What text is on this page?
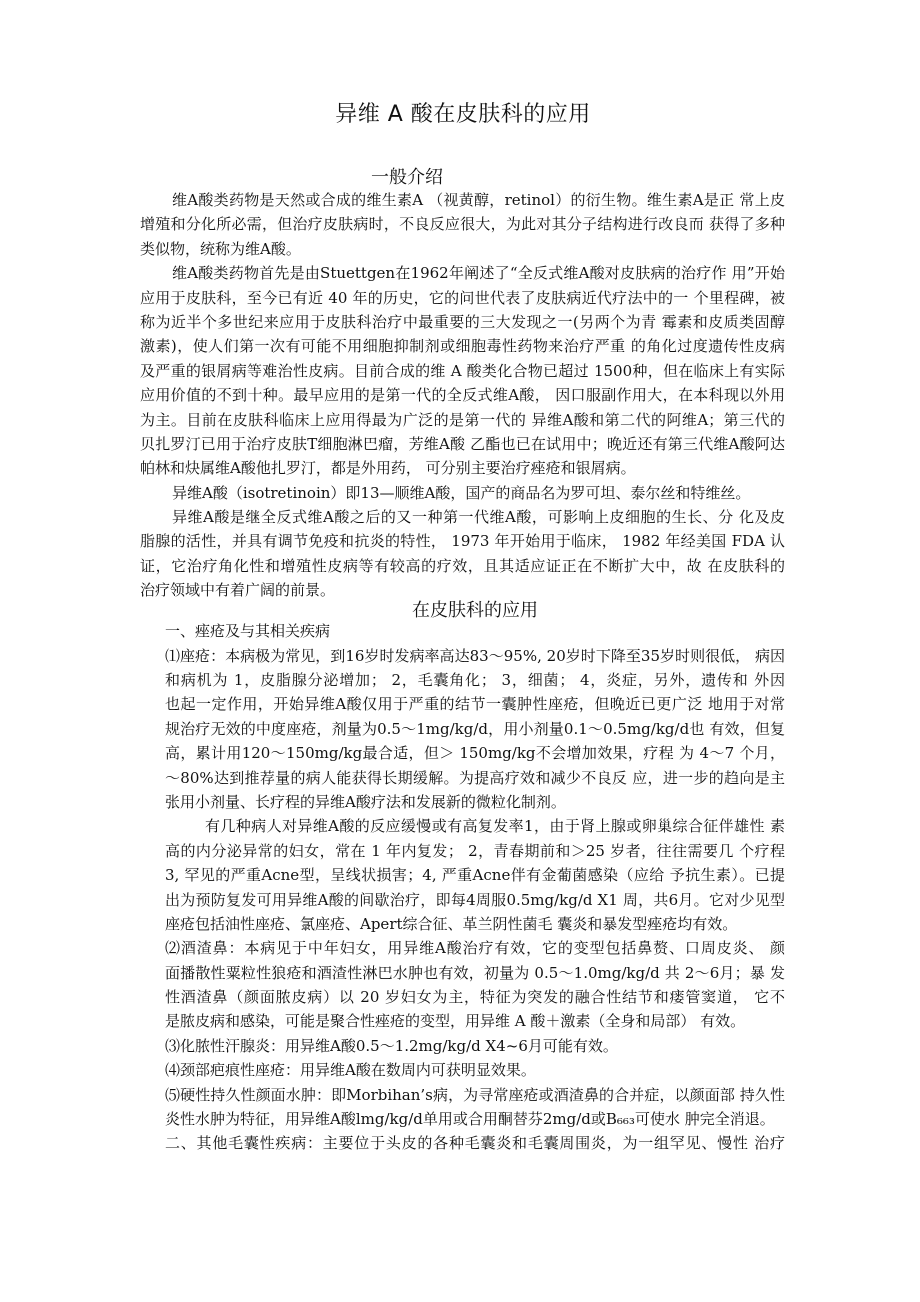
异维 A 酸在皮肤科的应用
一般介绍
维A酸类药物是天然或合成的维生素A （视黄醇，retinol）的衍生物。维生素A是正 常上皮
增殖和分化所必需，但治疗皮肤病时，不良反应很大，为此对其分子结构进行改良而 获得了多种
类似物，统称为维A酸。
维A酸类药物首先是由Stuettgen在1962年阐述了“全反式维A酸对皮肤病的治疗作 用”开始
应用于皮肤科，至今已有近 40 年的历史，它的问世代表了皮肤病近代疗法中的一 个里程碑，被
称为近半个多世纪来应用于皮肤科治疗中最重要的三大发现之一(另两个为青 霉素和皮质类固醇
激素)，使人们第一次有可能不用细胞抑制剂或细胞毒性药物来治疗严重 的角化过度遗传性皮病
及严重的银屑病等难治性皮病。目前合成的维 A 酸类化合物已超过 1500种，但在临床上有实际
应用价值的不到十种。最早应用的是第一代的全反式维A酸， 因口服副作用大，在本科现以外用
为主。目前在皮肤科临床上应用得最为广泛的是第一代的 异维A酸和第二代的阿维A；第三代的
贝扎罗汀已用于治疗皮肤T细胞淋巴瘤，芳维A酸 乙酯也已在试用中；晚近还有第三代维A酸阿达
帕林和炔属维A酸他扎罗汀，都是外用药， 可分别主要治疗痤疮和银屑病。
异维A酸（isotretinoin）即13—顺维A酸，国产的商品名为罗可坦、泰尔丝和特维丝。
异维A酸是继全反式维A酸之后的又一种第一代维A酸，可影响上皮细胞的生长、分 化及皮
脂腺的活性，并具有调节免疫和抗炎的特性， 1973 年开始用于临床， 1982 年经美国 FDA 认
证，它治疗角化性和增殖性皮病等有较高的疗效，且其适应证正在不断扩大中，故 在皮肤科的
治疗领域中有着广阔的前景。
在皮肤科的应用
一、痤疮及与其相关疾病
⑴座疮：本病极为常见，到16岁时发病率高达83〜95%, 20岁时下降至35岁时则很低， 病因
和病机为 1，皮脂腺分泌增加； 2，毛囊角化； 3，细菌； 4，炎症，另外，遗传和 外因
也起一定作用，开始异维A酸仅用于严重的结节一囊肿性座疮，但晚近已更广泛 地用于对常
规治疗无效的中度座疮，剂量为0.5〜1mg/kg/d，用小剂量0.1〜0.5mg/kg/d也 有效，但复
高，累计用120〜150mg/kg最合适，但＞ 150mg/kg不会增加效果，疗程 为 4〜7 个月，
〜80%达到推荐量的病人能获得长期缓解。为提高疗效和减少不良反 应，进一步的趋向是主
张用小剂量、长疗程的异维A酸疗法和发展新的微粒化制剂。
有几种病人对异维A酸的反应缓慢或有高复发率1，由于肾上腺或卵巢综合征伴雄性 素
高的内分泌异常的妇女，常在 1 年内复发； 2，青春期前和＞25 岁者，往往需要几 个疗程
3, 罕见的严重Acne型，呈线状损害；4, 严重Acne伴有金葡菌感染（应给 予抗生素）。已提
出为预防复发可用异维A酸的间歇治疗，即每4周服0.5mg/kg/d X1 周，共6月。它对少见型
座疮包括油性座疮、氯座疮、Apert综合征、革兰阴性菌毛 囊炎和暴发型痤疮均有效。
⑵酒渣鼻：本病见于中年妇女，用异维A酸治疗有效，它的变型包括鼻赘、口周皮炎、 颜
面播散性粟粒性狼疮和酒渣性淋巴水肿也有效，初量为 0.5〜1.0mg/kg/d 共 2〜6月；暴 发
性酒渣鼻（颜面脓皮病）以 20 岁妇女为主，特征为突发的融合性结节和瘘管窦道， 它不
是脓皮病和感染，可能是聚合性痤疮的变型，用异维 A 酸＋激素（全身和局部） 有效。
⑶化脓性汗腺炎：用异维A酸0.5〜1.2mg/kg/d X4~6月可能有效。
⑷颈部疤痕性座疮：用异维A酸在数周内可获明显效果。
⑸硬性持久性颜面水肿：即Morbihan’s病，为寻常座疮或酒渣鼻的合并症，以颜面部 持久性
炎性水肿为特征，用异维A酸lmg/kg/d单用或合用酮替芬2mg/d或B₆₆₃可使水 肿完全消退。
二、其他毛囊性疾病：主要位于头皮的各种毛囊炎和毛囊周围炎，为一组罕见、慢性 治疗
